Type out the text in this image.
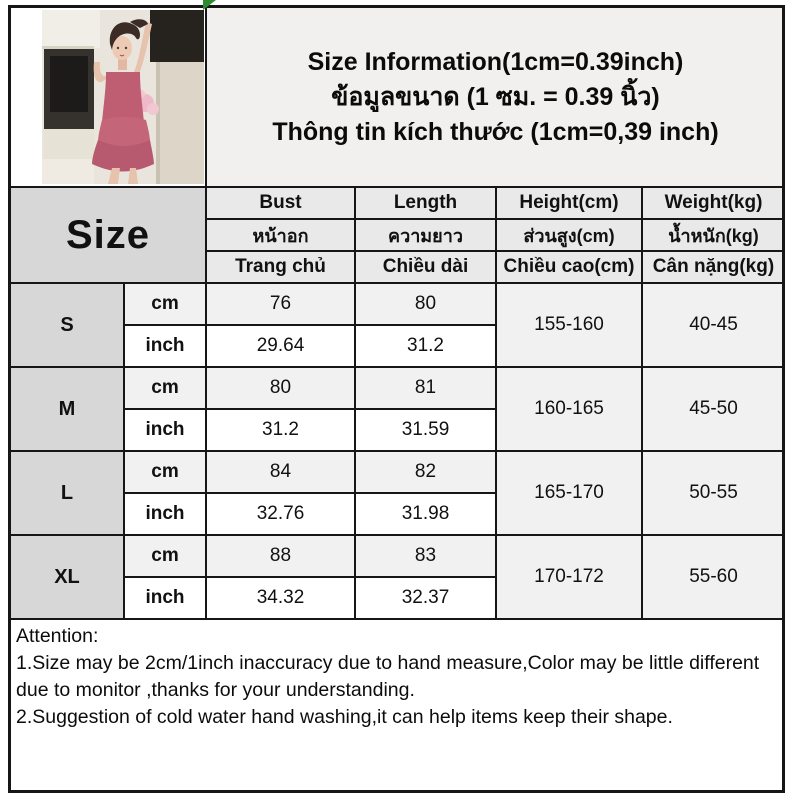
Size Information(1cm=0.39inch)
ข้อมูลขนาด (1 ซม. = 0.39 นิ้ว)
Thông tin kích thước (1cm=0,39 inch)			

Size		Bust	Length	Height(cm)	Weight(kg)
		หน้าอก	ความยาว	ส่วนสูง(cm)	น้ำหนัก(kg)
		Trang chủ	Chiều dài	Chiều cao(cm)	Cân nặng(kg)
S	cm	76	80	155-160	40-45
	inch	29.64	31.2		
M	cm	80	81	160-165	45-50
	inch	31.2	31.59		
L	cm	84	82	165-170	50-55
	inch	32.76	31.98		
XL	cm	88	83	170-172	55-60
	inch	34.32	32.37		

Attention:

1.Size may be 2cm/1inch inaccuracy due to hand measure,Color may be little different due to monitor ,thanks for your understanding.

2.Suggestion of cold water hand washing,it can help items keep their shape.
